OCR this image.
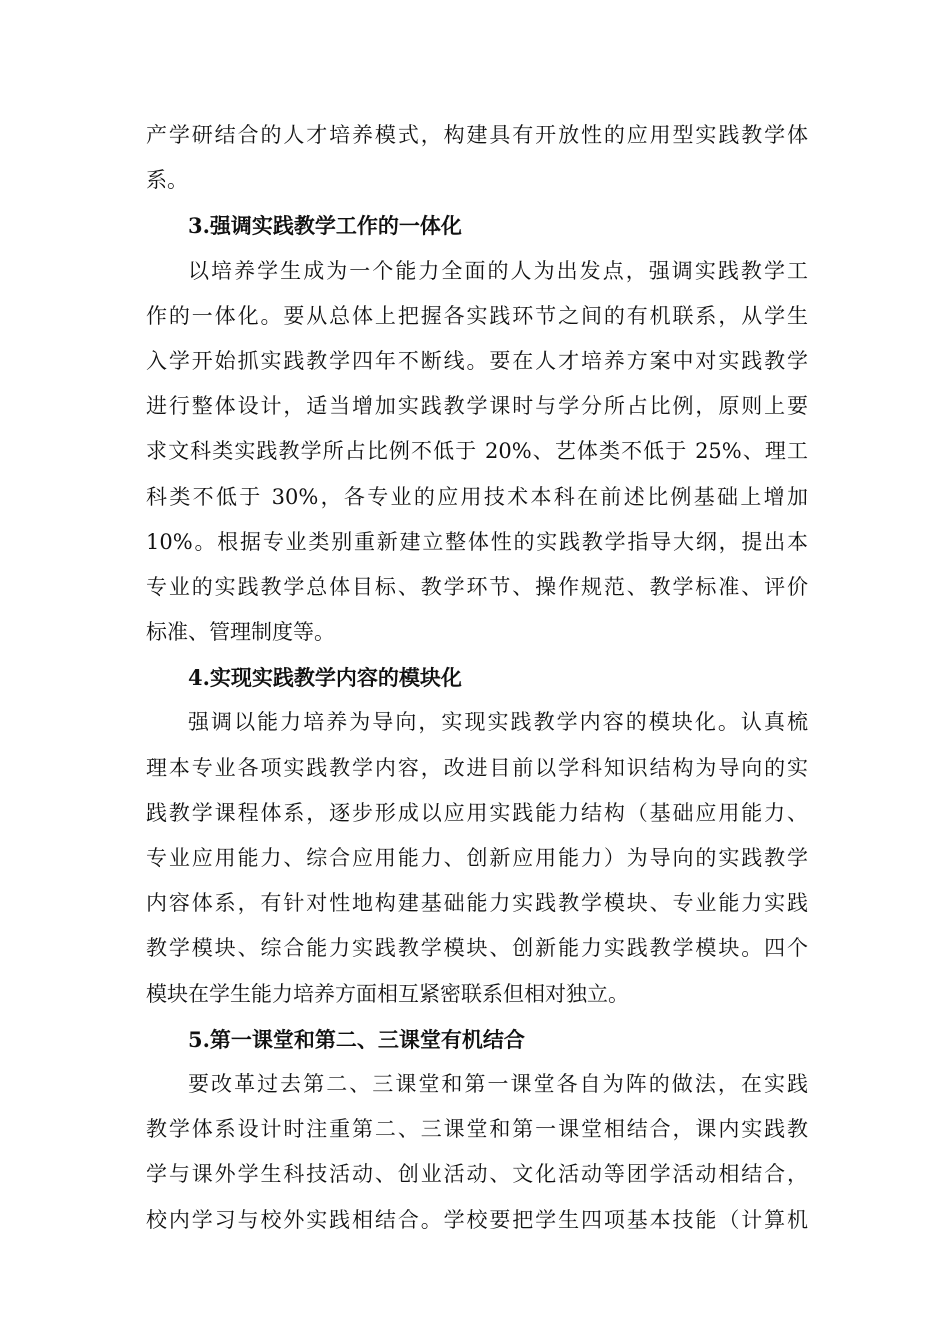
产学研结合的人才培养模式，构建具有开放性的应用型实践教学体
系。
3.强调实践教学工作的一体化
以培养学生成为一个能力全面的人为出发点，强调实践教学工
作的一体化。要从总体上把握各实践环节之间的有机联系，从学生
入学开始抓实践教学四年不断线。要在人才培养方案中对实践教学
进行整体设计，适当增加实践教学课时与学分所占比例，原则上要
求文科类实践教学所占比例不低于 20%、艺体类不低于 25%、理工
科类不低于 30%，各专业的应用技术本科在前述比例基础上增加
10%。根据专业类别重新建立整体性的实践教学指导大纲，提出本
专业的实践教学总体目标、教学环节、操作规范、教学标准、评价
标准、管理制度等。
4.实现实践教学内容的模块化
强调以能力培养为导向，实现实践教学内容的模块化。认真梳
理本专业各项实践教学内容，改进目前以学科知识结构为导向的实
践教学课程体系，逐步形成以应用实践能力结构（基础应用能力、
专业应用能力、综合应用能力、创新应用能力）为导向的实践教学
内容体系，有针对性地构建基础能力实践教学模块、专业能力实践
教学模块、综合能力实践教学模块、创新能力实践教学模块。四个
模块在学生能力培养方面相互紧密联系但相对独立。
5.第一课堂和第二、三课堂有机结合
要改革过去第二、三课堂和第一课堂各自为阵的做法，在实践
教学体系设计时注重第二、三课堂和第一课堂相结合，课内实践教
学与课外学生科技活动、创业活动、文化活动等团学活动相结合，
校内学习与校外实践相结合。学校要把学生四项基本技能（计算机
